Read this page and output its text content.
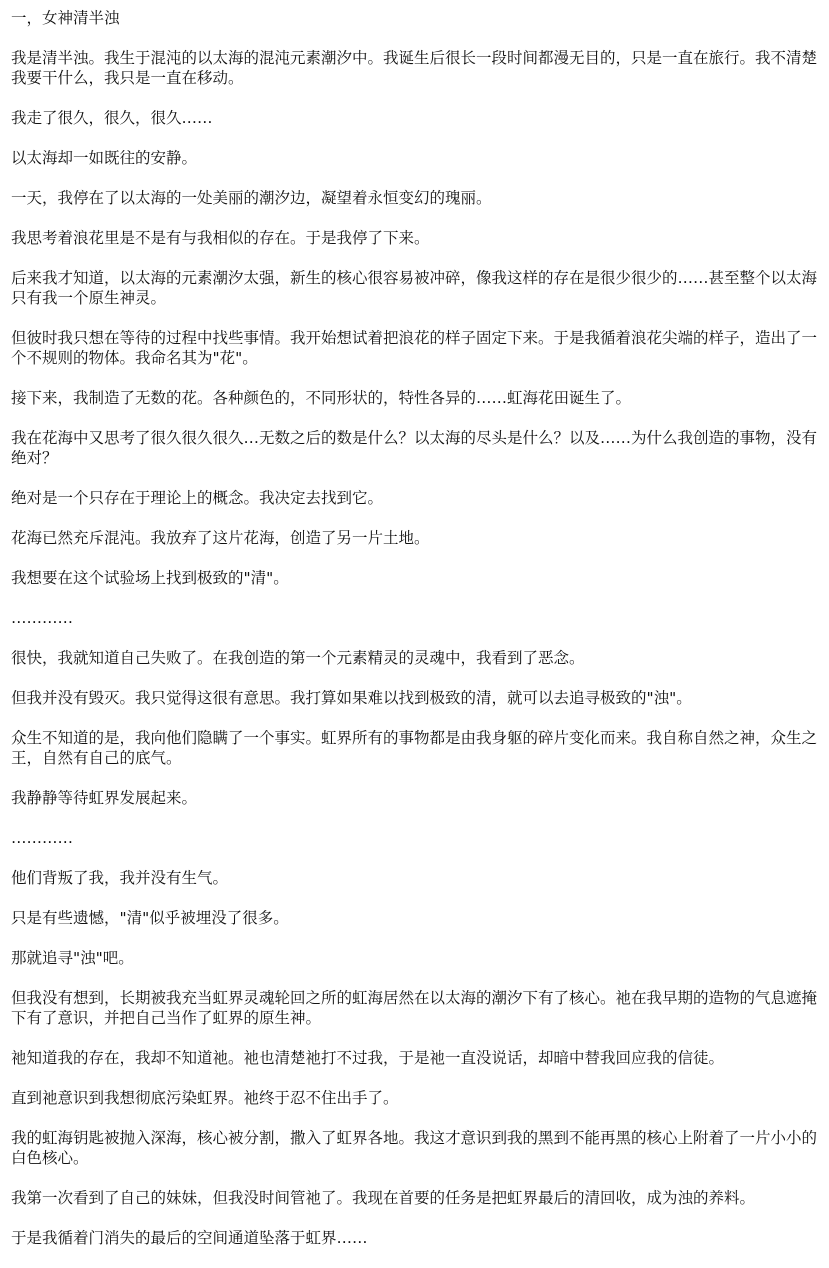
一，女神清半浊

我是清半浊。我生于混沌的以太海的混沌元素潮汐中。我诞生后很长一段时间都漫无目的，只是一直在旅行。我不清楚我要干什么，我只是一直在移动。

我走了很久，很久，很久……

以太海却一如既往的安静。

一天，我停在了以太海的一处美丽的潮汐边，凝望着永恒变幻的瑰丽。

我思考着浪花里是不是有与我相似的存在。于是我停了下来。

后来我才知道，以太海的元素潮汐太强，新生的核心很容易被冲碎，像我这样的存在是很少很少的……甚至整个以太海只有我一个原生神灵。

但彼时我只想在等待的过程中找些事情。我开始想试着把浪花的样子固定下来。于是我循着浪花尖端的样子，造出了一个不规则的物体。我命名其为"花"。

接下来，我制造了无数的花。各种颜色的，不同形状的，特性各异的……虹海花田诞生了。

我在花海中又思考了很久很久很久…无数之后的数是什么？以太海的尽头是什么？以及……为什么我创造的事物，没有绝对？

绝对是一个只存在于理论上的概念。我决定去找到它。

花海已然充斥混沌。我放弃了这片花海，创造了另一片土地。

我想要在这个试验场上找到极致的"清"。

…………

很快，我就知道自己失败了。在我创造的第一个元素精灵的灵魂中，我看到了恶念。

但我并没有毁灭。我只觉得这很有意思。我打算如果难以找到极致的清，就可以去追寻极致的"浊"。

众生不知道的是，我向他们隐瞒了一个事实。虹界所有的事物都是由我身躯的碎片变化而来。我自称自然之神，众生之王，自然有自己的底气。

我静静等待虹界发展起来。

…………

他们背叛了我，我并没有生气。

只是有些遗憾，"清"似乎被埋没了很多。

那就追寻"浊"吧。

但我没有想到，长期被我充当虹界灵魂轮回之所的虹海居然在以太海的潮汐下有了核心。祂在我早期的造物的气息遮掩下有了意识，并把自己当作了虹界的原生神。

祂知道我的存在，我却不知道祂。祂也清楚祂打不过我，于是祂一直没说话，却暗中替我回应我的信徒。

直到祂意识到我想彻底污染虹界。祂终于忍不住出手了。

我的虹海钥匙被抛入深海，核心被分割，撒入了虹界各地。我这才意识到我的黑到不能再黑的核心上附着了一片小小的白色核心。

我第一次看到了自己的妹妹，但我没时间管祂了。我现在首要的任务是把虹界最后的清回收，成为浊的养料。

于是我循着门消失的最后的空间通道坠落于虹界……
